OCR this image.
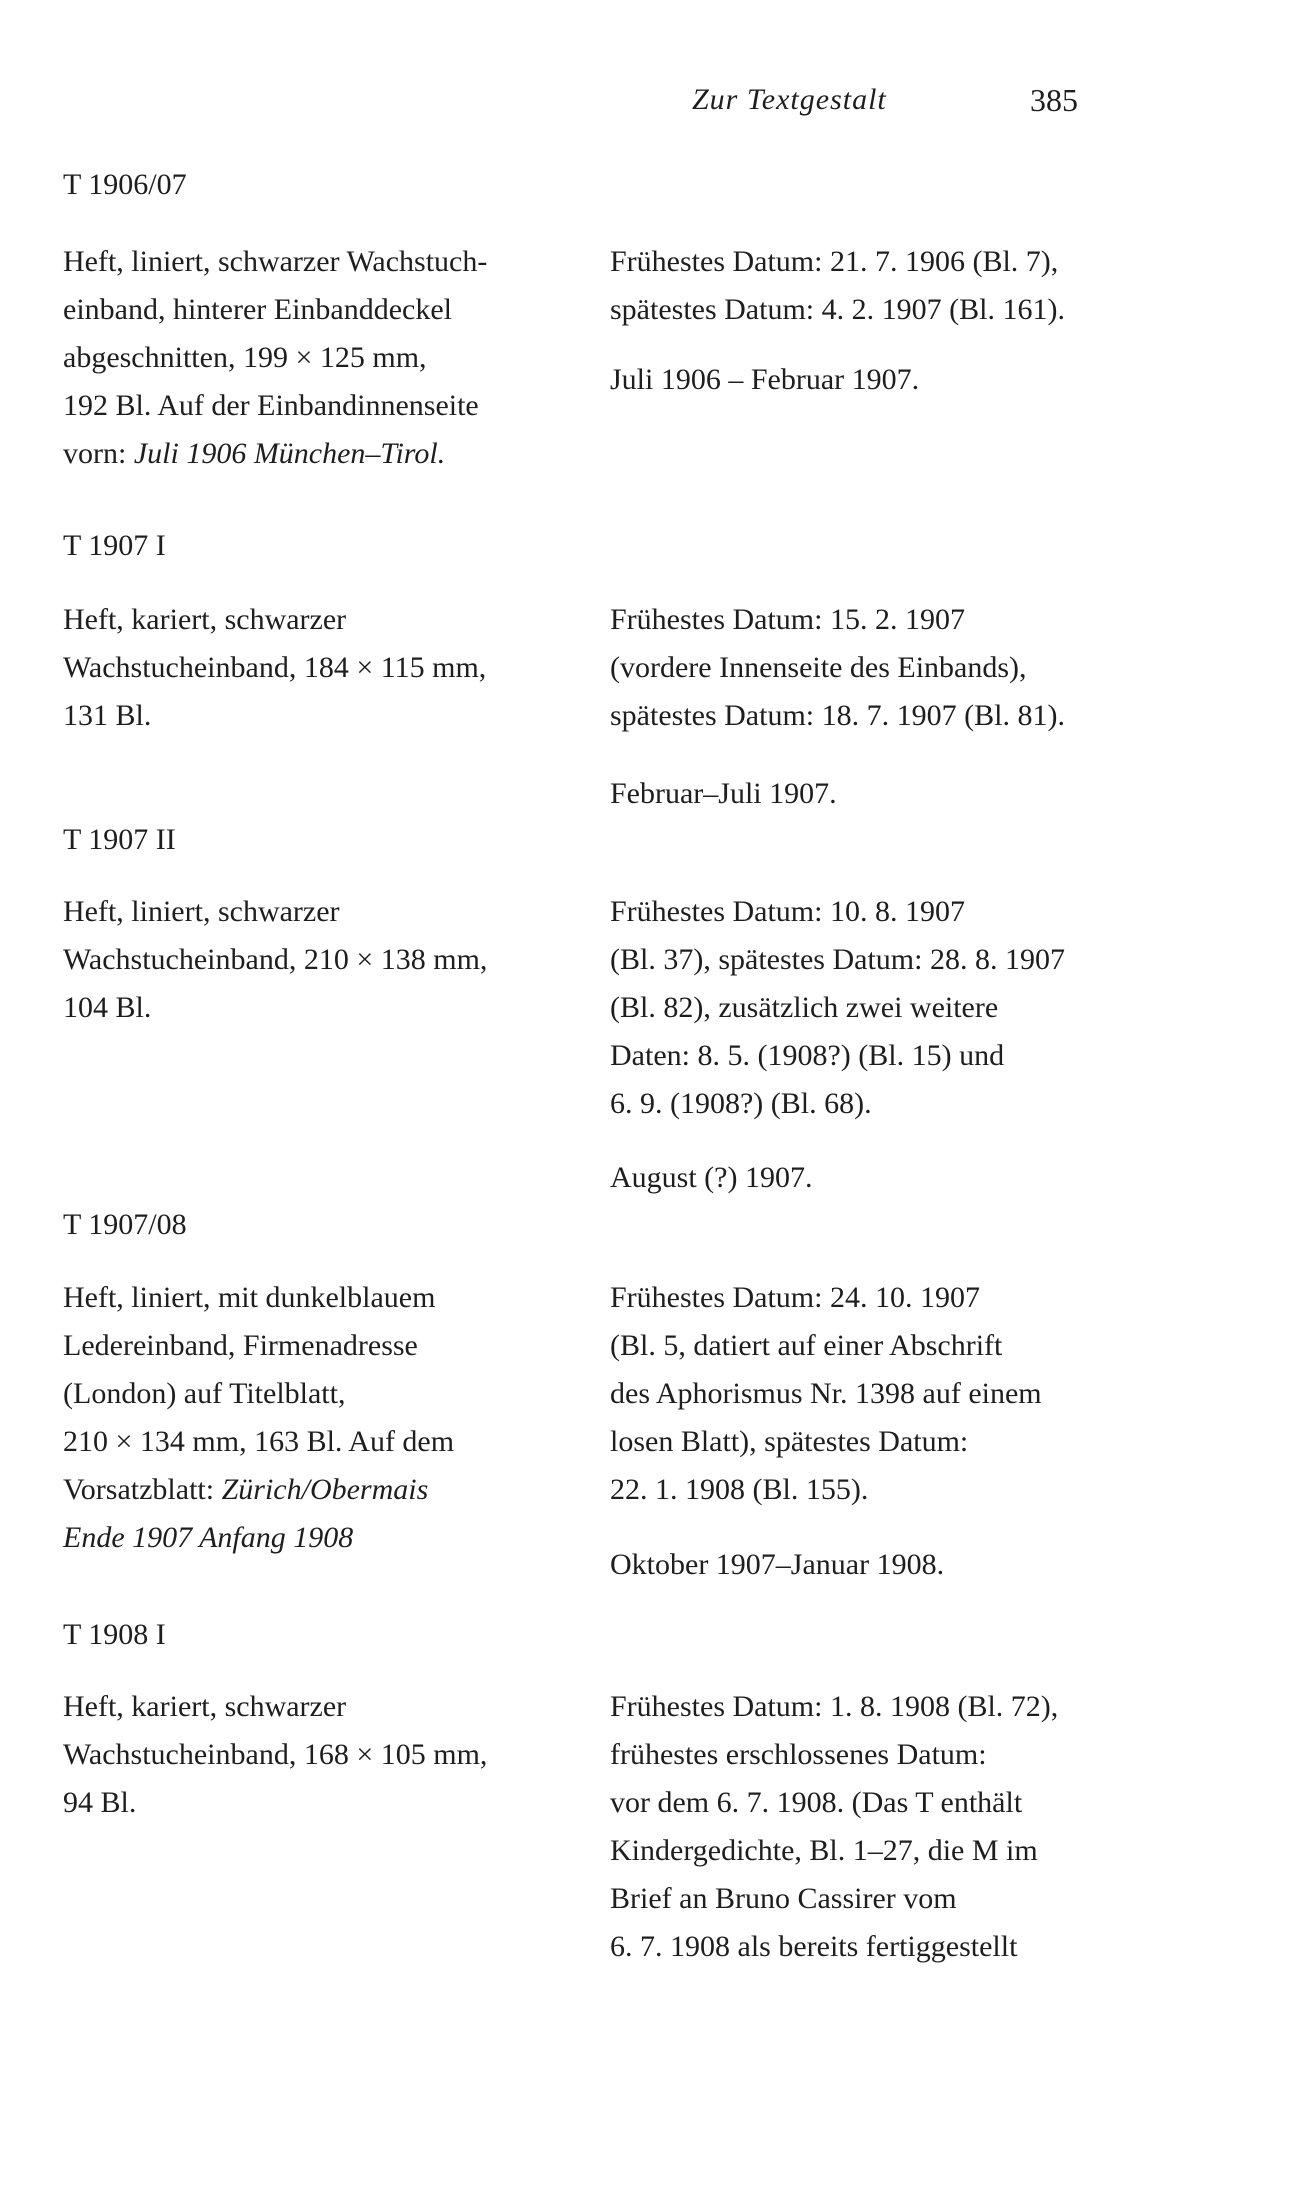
Zur Textgestalt	385
T 1906/07
Heft, liniert, schwarzer Wachstuch-
einband, hinterer Einbanddeckel
abgeschnitten, 199 × 125 mm,
192 Bl. Auf der Einbandinnenseite
vorn: Juli 1906 München–Tirol.
Frühestes Datum: 21. 7. 1906 (Bl. 7),
spätestes Datum: 4. 2. 1907 (Bl. 161).
Juli 1906 – Februar 1907.
T 1907 I
Heft, kariert, schwarzer
Wachstucheinband, 184 × 115 mm,
131 Bl.
Frühestes Datum: 15. 2. 1907
(vordere Innenseite des Einbands),
spätestes Datum: 18. 7. 1907 (Bl. 81).
Februar–Juli 1907.
T 1907 II
Heft, liniert, schwarzer
Wachstucheinband, 210 × 138 mm,
104 Bl.
Frühestes Datum: 10. 8. 1907
(Bl. 37), spätestes Datum: 28. 8. 1907
(Bl. 82), zusätzlich zwei weitere
Daten: 8. 5. (1908?) (Bl. 15) und
6. 9. (1908?) (Bl. 68).
August (?) 1907.
T 1907/08
Heft, liniert, mit dunkelblauem
Ledereinband, Firmenadresse
(London) auf Titelblatt,
210 × 134 mm, 163 Bl. Auf dem
Vorsatzblatt: Zürich/Obermais
Ende 1907 Anfang 1908
Frühestes Datum: 24. 10. 1907
(Bl. 5, datiert auf einer Abschrift
des Aphorismus Nr. 1398 auf einem
losen Blatt), spätestes Datum:
22. 1. 1908 (Bl. 155).
Oktober 1907–Januar 1908.
T 1908 I
Heft, kariert, schwarzer
Wachstucheinband, 168 × 105 mm,
94 Bl.
Frühestes Datum: 1. 8. 1908 (Bl. 72),
frühestes erschlossenes Datum:
vor dem 6. 7. 1908. (Das T enthält
Kindergedichte, Bl. 1–27, die M im
Brief an Bruno Cassirer vom
6. 7. 1908 als bereits fertiggestellt
